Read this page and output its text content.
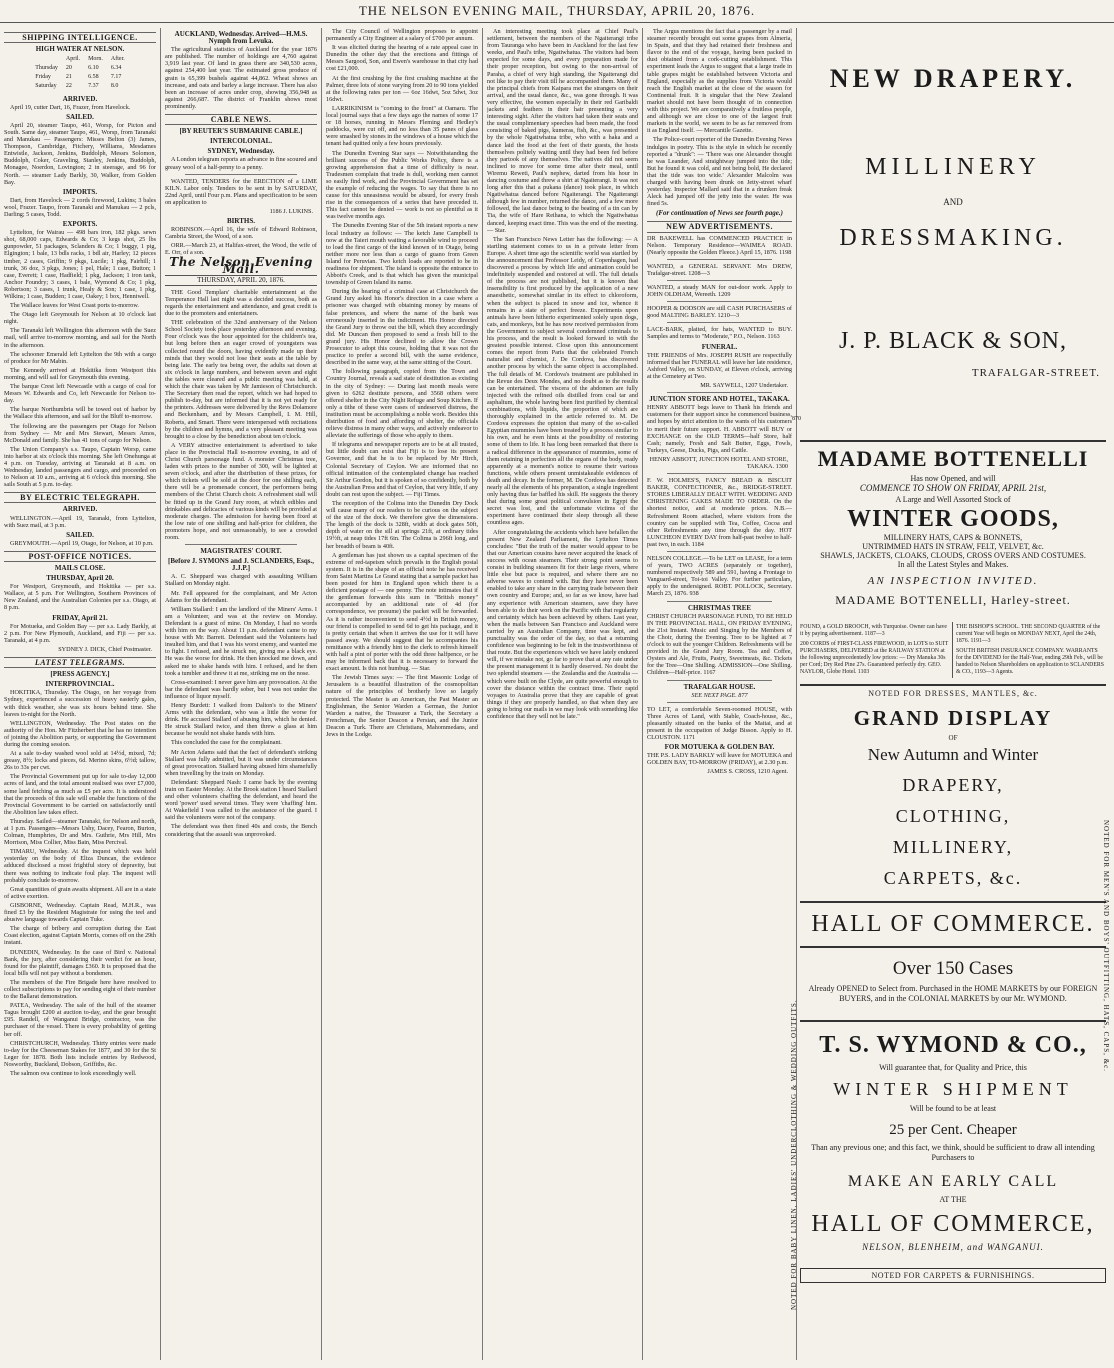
THE NELSON EVENING MAIL, THURSDAY, APRIL 20, 1876.
SHIPPING INTELLIGENCE.
HIGH WATER AT NELSON.
	April.	Morn.	After.
Thursday	20	6.10	6.34
Friday	21	6.58	7.17
Saturday	22	7.37	8.0
ARRIVED.

April 19, cutter Dart, 16, Frazer, from Havelock.

SAILED.

April 20, steamer Taupo, 461, Worsp, for Picton and South. Same day, steamer Taupo, 461, Worsp, from Taranaki and Manukau — Passengers: Misses Belton (3) James, Thompson, Cambridge, Fitchery, Williams, Mesdames Entwistle, Jackson, Jenkins, Buddolph, Messrs Solomon, Buddolph, Coker, Graveling, Stanley, Jenkins, Buddolph, Monagee, Noerdon, Lovington; 2 in steerage, and 96 for North. — steamer Lady Barkly, 30, Walker, from Golden Bay.

IMPORTS.

Dart, from Havelock — 2 cords firewood, Lukins; 3 bales wool, Frazer. Taupo, from Taranaki and Manukau — 2 pcls, Darling; 5 cases, Todd.

EXPORTS.

Lyttelton, for Wairau — 498 bars iron, 182 pkgs. sewn shot, 68,000 caps, Edwards & Co; 3 kegs shot, 25 lbs gunpowder, 51 packages, Sclanders & Co; 1 buggy, 1 pig, Elgington; 1 bale, 13 bdls racks, 1 bdl air, Harley; 12 pieces timber, 2 cases, Griffin; 9 pkgs, Lucile; 1 pkg, Fairhill; 1 trunk, 36 doz, 3 pkgs, Jones; 1 pel, Hale; 1 case, Button; 1 case, Everett; 1 case, Hadfield; 1 pkg, Jackson; 1 iron tank, Anchor Foundry; 3 cases, 1 bale, Wymond & Co; 1 pkg, Robertson; 3 cases, 1 trunk, Healy & Son; 1 case, 1 pkg, Wilkins; 1 case, Budden; 1 case, Oakey; 1 box, Henniwell.

The Wallace leaves for West Coast ports to-morrow.

The Otago left Greymouth for Nelson at 10 o'clock last night.

The Taranaki left Wellington this afternoon with the Suez mail, will arrive to-morrow morning, and sail for the North in the afternoon.

The schooner Emerald left Lyttelton the 9th with a cargo of produce for Mr Mabin.

The Kennedy arrived at Hokitika from Westport this morning, and will sail for Greymouth this evening.

The barque Crest left Newcastle with a cargo of coal for Messrs W. Edwards and Co, left Newcastle for Nelson to-day.

The barque Northumbria will be towed out of harbor by the Wallace this afternoon, and sail for the Bluff to-morrow.

The following are the passengers per Otago for Nelson from Sydney — Mr and Mrs Stewart, Messrs Amos, McDonald and family. She has 41 tons of cargo for Nelson.

The Union Company's s.s. Taupo, Captain Worsp, came into harbor at six o'clock this morning. She left Onehunga at 4 p.m. on Tuesday, arriving at Taranaki at 8 a.m. on Wednesday, landed passengers and cargo, and proceeded on to Nelson at 10 a.m., arriving at 6 o'clock this morning. She sails South at 5 p.m. to-day.

BY ELECTRIC TELEGRAPH.
ARRIVED.

WELLINGTON.—April 19, Taranaki, from Lyttelton, with Suez mail, at 3 p.m.

SAILED.

GREYMOUTH.—April 19, Otago, for Nelson, at 10 p.m.

POST-OFFICE NOTICES.
MAILS CLOSE.
THURSDAY, April 20.

For Westport, Greymouth, and Hokitika — per s.s. Wallace, at 5 p.m. For Wellington, Southern Provinces of New Zealand, and the Australian Colonies per s.s. Otago, at 8 p.m.

FRIDAY, April 21.

For Motueka, and Golden Bay — per s.s. Lady Barkly, at 2 p.m. For New Plymouth, Auckland, and Fiji — per s.s. Taranaki, at 4 p.m.

SYDNEY J. DICK, Chief Postmaster.

LATEST TELEGRAMS.
[PRESS AGENCY.]
INTERPROVINCIAL.

HOKITIKA, Thursday. The Otago, on her voyage from Sydney, experienced a succession of heavy easterly gales, with thick weather, she was six hours behind time. She leaves to-night for the North.

WELLINGTON, Wednesday. The Post states on the authority of the Hon. Mr Fitzherbert that he has no intention of joining the Abolition party, or supporting the Government during the coming session.

At a sale to-day washed wool sold at 14½d, mixed, 7d; greasy, 8½; locks and pieces, 6d. Merino skins, 6½d; tallow, 26s to 33s per cwt.

The Provincial Government put up for sale to-day 12,000 acres of land, and the total amount realised was over £7,000, some land fetching as much as £5 per acre. It is understood that the proceeds of this sale will enable the functions of the Provincial Government to be carried on satisfactorily until the Abolition law takes effect.

Thursday. Sailed—steamer Taranaki, for Nelson and north, at 1 p.m. Passengers—Messrs Ushy, Dacey, Fearon, Burton, Colman, Humphries, Dr and Mrs. Guthrie, Mrs Hill, Mrs Morrison, Miss Collier, Miss Bain, Miss Percival.

TIMARU, Wednesday. At the inquest which was held yesterday on the body of Eliza Duncan, the evidence adduced disclosed a most frightful story of depravity, but there was nothing to indicate foul play. The inquest will probably conclude to-morrow.

Great quantities of grain awaits shipment. All are in a state of active exertion.

GISBORNE, Wednesday. Captain Read, M.H.R., was fined £3 by the Resident Magistrate for using the teel and abusive language towards Captain Tuke.

The charge of bribery and corruption during the East Coast election, against Captain Morris, comes off on the 29th instant.

DUNEDIN, Wednesday. In the case of Bird v. National Bank, the jury, after considering their verdict for an hour, found for the plaintiff, damages £360. It is proposed that the local bills will not pay without a bondsmen.

The members of the Fire Brigade here have resolved to collect subscriptions to pay for sending eight of their number to the Ballarat demonstration.

PATEA, Wednesday. The sale of the hull of the steamer Tagus brought £200 at auction to-day, and the gear brought £95. Randell, of Wanganui Bridge, contractor, was the purchaser of the vessel. There is every probability of getting her off.

CHRISTCHURCH, Wednesday. Thirty entries were made to-day for the Cheeseman Stakes for 1877, and 30 for the St Leger for 1878. Both lists include entries by Redwood, Nosworthy, Buckland, Dobson, Griffiths, &c.

The salmon ova continue to look exceedingly well.

AUCKLAND, Wednesday. Arrived—H.M.S. Nymph from Levuka.

The agricultural statistics of Auckland for the year 1876 are published. The number of holdings are 4,760 against 3,919 last year. Of land in grass there are 340,530 acres, against 254,400 last year. The estimated gross produce of grain is 65,399 bushels against 44,862. Wheat shows an increase, and oats and barley a large increase. There has also been an increase of acres under crop, showing 356,948 as against 266,687. The district of Franklin shows most prominently.

CABLE NEWS.
[BY REUTER'S SUBMARINE CABLE.]
INTERCOLONIAL.
SYDNEY, Wednesday.

A London telegram reports an advance in fine scoured and greasy wool of a half-penny to a penny.

WANTED, TENDERS for the ERECTION of a LIME KILN. Labor only. Tenders to be sent in by SATURDAY, 22nd April, until Four p.m. Plans and specification to be seen on application to

1186 J. LUKINS.

BIRTHS.

ROBINSON.—April 16, the wife of Edward Robinson, Cambria Street, the Wood, of a son.

ORR.—March 23, at Halifax-street, the Wood, the wife of E. Orr, of a son.

The Nelson Evening Mail.
THURSDAY, APRIL 20, 1876.

THE Good Templars' charitable entertainment at the Temperance Hall last night was a decided success, both as regards the entertainment and attendance, and great credit is due to the promoters and entertainers.

THE celebration of the 32nd anniversary of the Nelson School Society took place yesterday afternoon and evening. Four o'clock was the hour appointed for the children's tea, but long before then an eager crowd of youngsters was collected round the doors, having evidently made up their minds that they would not lose their seats at the table by being late. The early tea being over, the adults sat down at six o'clock in large numbers, and between seven and eight the tables were cleared and a public meeting was held, at which the chair was taken by Mr Jamieson of Christchurch. The Secretary then read the report, which we had hoped to publish to-day, but are informed that it is not yet ready for the printers. Addresses were delivered by the Revs Dolamore and Beckenham, and by Messrs Campbell, I. M. Hill, Roberts, and Smart. There were interspersed with recitations by the children and hymns, and a very pleasant meeting was brought to a close by the benediction about ten o'clock.

A VERY attractive entertainment is advertised to take place in the Provincial Hall to-morrow evening, in aid of Christ Church parsonage fund. A monster Christmas tree, laden with prizes to the number of 300, will be lighted at seven o'clock, and after the distribution of these prizes, for which tickets will be sold at the door for one shilling each, there will be a promenade concert, the performers being members of the Christ Church choir. A refreshment stall will be fitted up in the Grand Jury room, at which edibles and drinkables and delicacies of various kinds will be provided at moderate charges. The admission for having been fixed at the low rate of one shilling and half-price for children, the promoters hope, and not unreasonably, to see a crowded room.

MAGISTRATES' COURT.
[Before J. SYMONS and J. SCLANDERS, Esqs., J.J.P.]

A. C. Sheppard was charged with assaulting William Stallard on Monday night.

Mr. Fell appeared for the complainant, and Mr Acton Adams for the defendant.

William Stallard: I am the landlord of the Miners' Arms. I am a Volunteer, and was at the review on Monday. Defendant is a guest of mine. On Monday, I had no words with him on the way. About 11 p.m. defendant came to my house with Mr. Barrett. Defendant said the Volunteers had insulted him, and that I was his worst enemy, and wanted me to fight. I refused, and he struck me, giving me a black eye. He was the worse for drink. He then knocked me down, and asked me to shake hands with him. I refused, and he then took a tumbler and threw it at me, striking me on the nose.

Cross-examined: I never gave him any provocation. At the bar the defendant was hardly sober, but I was not under the influence of liquor myself.

Henry Burdett: I walked from Dalton's to the Miners' Arms with the defendant, who was a little the worse for drink. He accused Stallard of abusing him, which he denied. He struck Stallard twice, and then threw a glass at him because he would not shake hands with him.

This concluded the case for the complainant.

Mr Acton Adams said that the fact of defendant's striking Stallard was fully admitted, but it was under circumstances of great provocation. Stallard having abused him shamefully when travelling by the train on Monday.

Defendant: Sheppard Nash: I came back by the evening train on Easter Monday. At the Brook station I heard Stallard and other volunteers chaffing the defendant, and heard the word 'power' used several times. They were 'chaffing' him. At Wakefield I was called to the assistance of the guard. I said the volunteers were not of the company.

The defendant was then fined 40s and costs, the Bench considering that the assault was unprovoked.

The City Council of Wellington proposes to appoint permanently a City Engineer at a salary of £700 per annum.

It was elicited during the hearing of a rate appeal case in Dunedin the other day that the erections and fittings of Messrs Sargood, Son, and Ewen's warehouse in that city had cost £21,000.

At the first crushing by the first crushing machine at the Palmer, three lots of stone varying from 20 to 90 tons yielded at the following rates per ton — 6oz 16dwt, 5oz 5dwt, 3oz 16dwt.

LARRIKINISM is "coming to the front" at Oamaru. The local journal says that a few days ago the names of some 17 or 18 horses, running in Messrs Fleming and Hedley's paddocks, were cut off, and no less than 35 panes of glass were smashed by stones in the windows of a house which the tenant had quitted only a few hours previously.

The Dunedin Evening Star says — Notwithstanding the brilliant success of the Public Works Policy, there is a growing apprehension that a time of difficulty is near. Tradesmen complain that trade is dull, working men cannot so easily find work, and the Provincial Government has set the example of reducing the wages. To say that there is no cause for this uneasiness would be absurd, for every fresh rise in the consequences of a series that have preceded it. This fact cannot be denied — work is not so plentiful as it was twelve months ago.

The Dunedin Evening Star of the 5th instant reports a new local industry as follows: — The ketch Jane Campbell is now at the Taieri mouth waiting a favorable wind to proceed to load the first cargo of the kind known of in Otago, being neither more nor less than a cargo of guano from Green Island for Peruvian. Two ketch loads are reported to be in readiness for shipment. The island is opposite the entrance to Abbott's Creek, and is that which has given the municipal township of Green Island its name.

During the hearing of a criminal case at Christchurch the Grand Jury asked his Honor's direction in a case where a prisoner was charged with obtaining money by means of false pretences, and where the name of the bank was erroneously inserted in the indictment. His Honor directed the Grand Jury to throw out the bill, which they accordingly did. Mr Duncan then proposed to send a fresh bill to the grand jury. His Honor declined to allow the Crown Prosecutor to adopt this course, holding that it was not the practice to prefer a second bill, with the same evidence, described in the same way, at the same sitting of the Court.

The following paragraph, copied from the Town and Country Journal, reveals a sad state of destitution as existing in the city of Sydney: — During last month meals were given to 6262 destitute persons, and 3568 others were offered shelter in the City Night Refuge and Soup Kitchen. If only a tithe of these were cases of undeserved distress, the institution must be accomplishing a noble work. Besides this distribution of food and affording of shelter, the officials relieve distress in many other ways, and actively endeavor to alleviate the sufferings of those who apply to them.

If telegrams and newspaper reports are to be at all trusted, but little doubt can exist that Fiji is to lose its present Governor, and that he is to be replaced by Mr Hirch, Colonial Secretary of Ceylon. We are informed that no official intimation of the contemplated change has reached Sir Arthur Gordon, but it is spoken of so confidently, both by the Australian Press and that of Ceylon, that very little, if any doubt can rest upon the subject. — Fiji Times.

The reception of the Colima into the Dunedin Dry Dock will cause many of our readers to be curious on the subject of the size of the dock. We therefore give the dimensions. The length of the dock is 328ft, width at dock gates 50ft, depth of water on the sill at springs 21ft, at ordinary tides 19½ft, at neap tides 17ft 6in. The Colima is 296ft long, and her breadth of beam is 40ft.

A gentleman has just shown us a capital specimen of the extreme of red-tapeism which prevails in the English postal system. It is in the shape of an official note he has received from Saint Martins Le Grand stating that a sample packet has been posted for him in England upon which there is a deficient postage of — one penny. The note intimates that if the gentleman forwards this sum in "British money" accompanied by an additional rate of 4d (for correspondence, we presume) the packet will be forwarded. As it is rather inconvenient to send 4½d in British money, our friend is compelled to send 6d to get his package, and it is pretty certain that when it arrives the use for it will have passed away. We should suggest that he accompanies his remittance with a friendly hint to the clerk to refresh himself with half a pint of porter with the odd three halfpence, or he may be informed back that it is necessary to forward the exact amount. Is this not humbug. — Star.

The Jewish Times says: — The first Masonic Lodge of Jerusalem is a beautiful illustration of the cosmopolitan nature of the principles of brotherly love so largely protected. The Master is an American, the Past Master an Englishman, the Senior Warden a German, the Junior Warden a native, the Treasurer a Turk, the Secretary a Frenchman, the Senior Deacon a Persian, and the Junior Deacon a Turk. There are Christians, Mahommedans, and Jews in the Lodge.

An interesting meeting took place at Chief Paul's settlement, between the members of the Ngaiterangi tribe from Tauranga who have been in Auckland for the last few weeks, and Paul's tribe, Ngatiwhatua. The visitors had been expected for some days, and every preparation made for their proper reception, but owing to the non-arrival of Paraha, a chief of very high standing, the Ngaiterangi did not like to pay their visit till he accompanied them. Many of the principal chiefs from Kaipara met the strangers on their arrival, and the usual dance, &c., was gone through. It was very effective, the women especially in their red Garibaldi jackets and feathers in their hair presenting a very interesting sight. After the visitors had taken their seats and the usual complimentary speeches had been made, the food consisting of baked pigs, kumeras, fish, &c., was presented by the whole Ngatiwhatua tribe, who with a haka and a dance laid the food at the feet of their guests, the hosts themselves politely waiting until they had been fed before they partook of any themselves. The natives did not seem inclined to move for some time after their meal, until Wiremu Reweti, Paul's nephew, darted from his hour in dancing costume and threw a shirt at Ngaiterangi. It was not long after this that a pukana (dance) took place, in which Ngatiwhatua danced before Ngaiterangi. The Ngaiterangi although few in number, returned the dance, and a few more followed, the last dance being to the beating of a tin can by Tia, the wife of Hare Reihana, to which the Ngatiwhatua danced, keeping exact time. This was the end of the meeting. — Star.

The San Francisco News Letter has the following: — A startling statement comes to us in a private letter from Europe. A short time ago the scientific world was startled by the announcement that Professor Leidy, of Copenhagen, had discovered a process by which life and animation could be indefinitely suspended and restored at will. The full details of the process are not published, but it is known that insensibility is first produced by the application of a new anaesthetic, somewhat similar in its effect to chloroform, when the subject is placed in snow and ice, whence it remains in a state of perfect freeze. Experiments upon animals have been hitherto experimented solely upon dogs, cats, and monkeys, but he has now received permission from the Government to subject several condemned criminals to his process, and the result is looked forward to with the greatest possible interest. Close upon this announcement comes the report from Paris that the celebrated French naturalist and chemist, J. De Cordova, has discovered another process by which the same object is accomplished. The full details of M. Cordova's treatment are published in the Revue des Deux Mondes, and no doubt as to the results can be entertained. The viscera of the abdomen are fully injected with the refined oils distilled from coal tar and asphaltum, the whole having been first purified by chemical combinations, with liquids, the proportion of which are thoroughly explained in the article referred to. M. De Cordova expresses the opinion that many of the so-called Egyptian mummies have been treated by a process similar to his own, and he even hints at the possibility of restoring some of them to life. It has long been remarked that there is a radical difference in the appearance of mummies, some of them retaining in perfection all the organs of the body, ready apparently at a moment's notice to resume their various functions, while others present unmistakeable evidences of death and decay. In the former, M. De Cordova has detected nearly all the elements of his preparation, a single ingredient only having thus far baffled his skill. He suggests the theory that during some great political convulsion in Egypt the secret was lost, and the unfortunate victims of the experiment have continued their sleep through all these countless ages.

After congratulating the accidents which have befallen the present New Zealand Parliament, the Lyttelton Times concludes: "But the truth of the matter would appear to be that our American cousins have never acquired the knack of success with ocean steamers. Their strong point seems to consist in building steamers fit for their large rivers, where little else but pace is required, and where there are no adverse waves to contend with. But they have never been enabled to take any share in the carrying trade between their own country and Europe; and, so far as we know, have had any experience with American steamers, save they have been able to do their work on the Pacific with that regularity and certainty which has been achieved by others. Last year, when the mails between San Francisco and Auckland were carried by an Australian Company, time was kept, and punctuality was the order of the day, so that a returning confidence was beginning to be felt in the trustworthiness of that route. But the experiences which we have lately endured will, if we mistake not, go far to prove that at any rate under the present management it is hardly deserved. No doubt the two splendid steamers — the Zealandia and the Australia — which were built on the Clyde, are quite powerful enough to cover the distance within the contract time. Their rapid voyages to Australia prove that they are capable of great things if they are properly handled, so that when they are going to bring our mails in we may look with something like confidence that they will not be late."

The Argus mentions the fact that a passenger by a mail steamer recently brought out some grapes from Almeria, in Spain, and that they had retained their freshness and flavor to the end of the voyage, having been packed in dust obtained from a cork-cutting establishment. This experiment leads the Argus to suggest that a large trade in table grapes might be established between Victoria and England, especially as the supplies from Victoria would reach the English market at the close of the season for Continental fruit. It is singular that the New Zealand market should not have been thought of in connection with this project. We are comparatively a fruitless people, and although we are close to one of the largest fruit markets in the world, we seem to be as far removed from it as England itself. — Mercantile Gazette.

The Police-court reporter of the Dunedin Evening News indulges in poetry. This is the style in which he recently reported a "drunk": — 'There was one Alexander thought he was Leander, And straightway jumped into the tide; But he found it was cold, and not being bold, He declared that the tide was too wide.' Alexander Malcolm was charged with having been drunk on Jetty-street wharf yesterday. Inspector Mallard said that in a drunken freak Aleck had jumped off the jetty into the water. He was fined 5s.

(For continuation of News see fourth page.)
NEW ADVERTISEMENTS.

DR BAKEWELL has COMMENCED PRACTICE in Nelson. Temporary Residence—WAIMEA ROAD. (Nearly opposite the Golden Fleece.) April 15, 1876. 1198

WANTED, a GENERAL SERVANT. Mrs DREW, Trafalgar-street. 1208—3

WANTED, a steady MAN for out-door work. Apply to JOHN OLDHAM, Wereeth. 1209

HOOPER & DODSON are still CASH PURCHASERS of good MALTING BARLEY. 1210—3

LACE-BARK, plaited, for hats, WANTED to BUY. Samples and terms to "Moderate," P.O., Nelson. 1163

FUNERAL.

THE FRIENDS of Mrs. JOSEPH RUSH are respectfully informed that her FUNERAL will leave her late residence, Ashford Valley, on SUNDAY, at Eleven o'clock, arriving at the Cemetery at Two.

MR. SAYWELL, 1207 Undertaker.

JUNCTION STORE AND HOTEL, TAKAKA.

HENRY ABBOTT begs leave to Thank his friends and customers for their support since he commenced business, and hopes by strict attention to the wants of his customers to merit their future support. H. ABBOTT will BUY or EXCHANGE on the OLD TERMS—half Store, half Cash; namely, Fresh and Salt Butter, Eggs, Fowls, Turkeys, Geese, Ducks, Pigs, and Cattle.

HENRY ABBOTT, JUNCTION HOTEL AND STORE, TAKAKA. 1300

F. W. HOLMES'S, FANCY BREAD & BISCUIT BAKER, CONFECTIONER, &c., BRIDGE-STREET. STORES LIBERALLY DEALT WITH. WEDDING AND CHRISTENING CAKES MADE TO ORDER. On the shortest notice, and at moderate prices. N.B.—Refreshment Room attached, where visitors from the country can be supplied with Tea, Coffee, Cocoa and other Refreshments any time through the day. HOT LUNCHEON EVERY DAY from half-past twelve to half-past two, in each. 1184

NELSON COLLEGE.—To be LET on LEASE, for a term of years, TWO ACRES (separately or together), numbered respectively 589 and 591, having a Frontage to Vanguard-street, Toi-toi Valley. For further particulars, apply to the undersigned. ROBT. POLLOCK, Secretary. March 23, 1876. 938

CHRISTMAS TREE

CHRIST CHURCH PARSONAGE FUND, TO BE HELD IN THE PROVINCIAL HALL, ON FRIDAY EVENING, the 21st Instant. Music and Singing by the Members of the Choir, during the Evening. Tree to be lighted at 7 o'clock to suit the younger Children. Refreshments will be provided in the Grand Jury Room. Tea and Coffee, Oysters and Ale, Fruits, Pastry, Sweetmeats, &c. Tickets for the Tree—One Shilling. ADMISSION—One Shilling. Children—Half-price. 1167

TRAFALGAR HOUSE.

SEE NEXT PAGE. 877

TO LET, a comfortable Seven-roomed HOUSE, with Three Acres of Land, with Stable, Coach-house, &c., pleasantly situated on the banks of the Maitai, and at present in the occupation of Judge Bisson. Apply to H. CLOUSTON. 1171

FOR MOTUEKA & GOLDEN BAY.

THE P.S. LADY BARKLY will leave for MOTUEKA and GOLDEN BAY, TO-MORROW (FRIDAY), at 2.30 p.m.

JAMES S. CROSS, 1210 Agent.

NEW DRAPERY.
MILLINERY
AND
DRESSMAKING.
J. P. BLACK & SON,
TRAFALGAR-STREET.
870
MADAME BOTTENELLI
Has now Opened, and will
COMMENCE TO SHOW ON FRIDAY, APRIL 21st,
A Large and Well Assorted Stock of
WINTER GOODS,
MILLINERY HATS, CAPS & BONNETS,
UNTRIMMED HATS IN STRAW, FELT, VELVET, &c.
SHAWLS, JACKETS, CLOAKS, CLOUDS, CROSS OVERS AND COSTUMES.
In all the Latest Styles and Makes.
AN INSPECTION INVITED.
MADAME BOTTENELLI, Harley-street.
FOUND, a GOLD BROOCH, with Turquoise. Owner can have it by paying advertisement. 1187—3
200 CORDS of FIRST-CLASS FIREWOOD, in LOTS to SUIT PURCHASERS, DELIVERED at the RAILWAY STATION at the following unprecedentedly low prices: — Dry Manuka 30s per Cord; Dry Red Pine 27s. Guaranteed perfectly dry. GEO. NAYLOR, Globe Hotel. 1103
THE BISHOP'S SCHOOL. THE SECOND QUARTER of the current Year will begin on MONDAY NEXT, April the 24th, 1876. 1191—3
SOUTH BRITISH INSURANCE COMPANY. WARRANTS for the DIVIDEND for the Half-Year, ending 29th Feb., will be handed to Nelson Shareholders on application to SCLANDERS & CO., 1193—3 Agents.
NOTED FOR DRESSES, MANTLES, &c.
GRAND DISPLAY
OF
New Autumn and Winter
DRAPERY,
CLOTHING,
MILLINERY,
CARPETS, &c.
HALL OF COMMERCE.
Over 150 Cases
Already OPENED to Select from. Purchased in the HOME MARKETS by our FOREIGN BUYERS, and in the COLONIAL MARKETS by our Mr. WYMOND.
T. S. WYMOND & CO.,
Will guarantee that, for Quality and Price, this
WINTER SHIPMENT
Will be found to be at least
25 per Cent. Cheaper
Than any previous one; and this fact, we think, should be sufficient to draw all intending Purchasers to
MAKE AN EARLY CALL
AT THE
HALL OF COMMERCE,
NELSON, BLENHEIM, and WANGANUI.
NOTED FOR CARPETS & FURNISHINGS.
NOTED FOR BABY LINEN, LADIES' UNDERCLOTHING & WEDDING OUTFITS.
NOTED FOR MEN'S AND BOYS' OUTFITTING, HATS, CAPS, &c.
